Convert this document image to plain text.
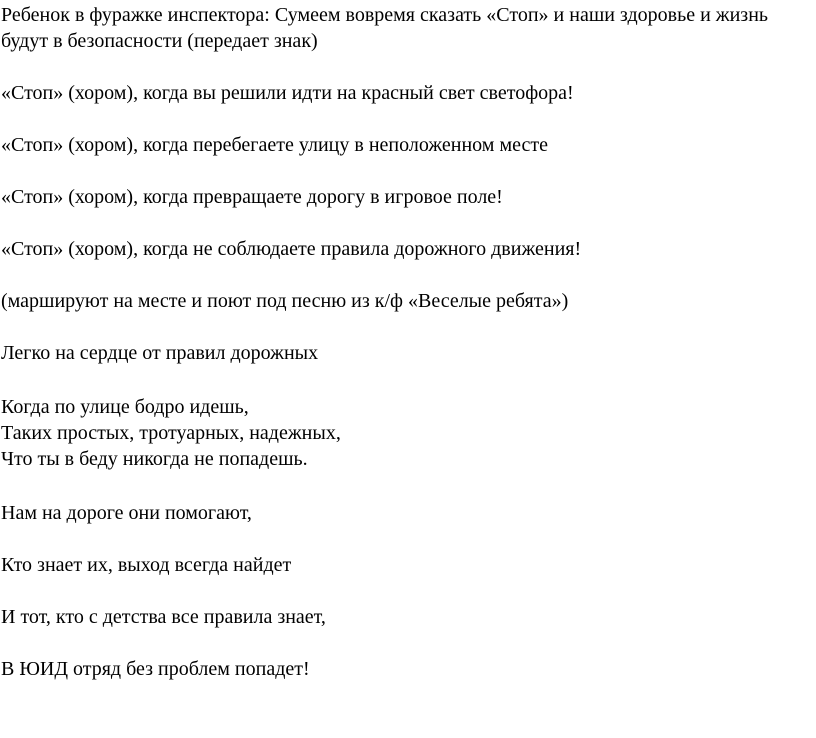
Ребенок в фуражке инспектора: Сумеем вовремя сказать «Стоп» и наши здоровье и жизнь
будут в безопасности (передает знак)
«Стоп» (хором), когда вы решили идти на красный свет светофора!
«Стоп» (хором), когда перебегаете улицу в неположенном месте
«Стоп» (хором), когда превращаете дорогу в игровое поле!
«Стоп» (хором), когда не соблюдаете правила дорожного движения!
(маршируют на месте и поют под песню из к/ф «Веселые ребята»)
Легко на сердце от правил дорожных
Когда по улице бодро идешь,
Таких простых, тротуарных, надежных,
Что ты в беду никогда не попадешь.
Нам на дороге они помогают,
Кто знает их, выход всегда найдет
И тот, кто с детства все правила знает,
В ЮИД отряд без проблем попадет!
